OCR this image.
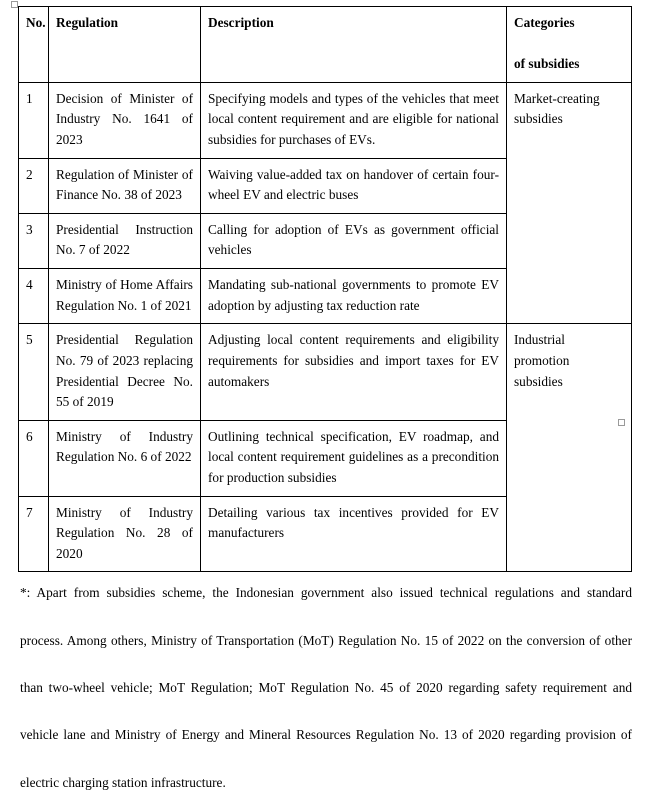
No.	Regulation	Description	Categories of subsidies
1	Decision of Minister of Industry No. 1641 of 2023	Specifying models and types of the vehicles that meet local content requirement and are eligible for national subsidies for purchases of EVs.	Market-creating subsidies
2	Regulation of Minister of Finance No. 38 of 2023	Waiving value-added tax on handover of certain four-wheel EV and electric buses	
3	Presidential Instruction No. 7 of 2022	Calling for adoption of EVs as government official vehicles	
4	Ministry of Home Affairs Regulation No. 1 of 2021	Mandating sub-national governments to promote EV adoption by adjusting tax reduction rate	
5	Presidential Regulation No. 79 of 2023 replacing Presidential Decree No. 55 of 2019	Adjusting local content requirements and eligibility requirements for subsidies and import taxes for EV automakers	Industrial
promotion
subsidies

6	Ministry of Industry Regulation No. 6 of 2022	Outlining technical specification, EV roadmap, and local content requirement guidelines as a precondition for production subsidies	
7	Ministry of Industry Regulation No. 28 of 2020	Detailing various tax incentives provided for EV manufacturers	
*: Apart from subsidies scheme, the Indonesian government also issued technical regulations and standard
process. Among others, Ministry of Transportation (MoT) Regulation No. 15 of 2022 on the conversion of other
than two-wheel vehicle; MoT Regulation; MoT Regulation No. 45 of 2020 regarding safety requirement and
vehicle lane and Ministry of Energy and Mineral Resources Regulation No. 13 of 2020 regarding provision of
electric charging station infrastructure.
